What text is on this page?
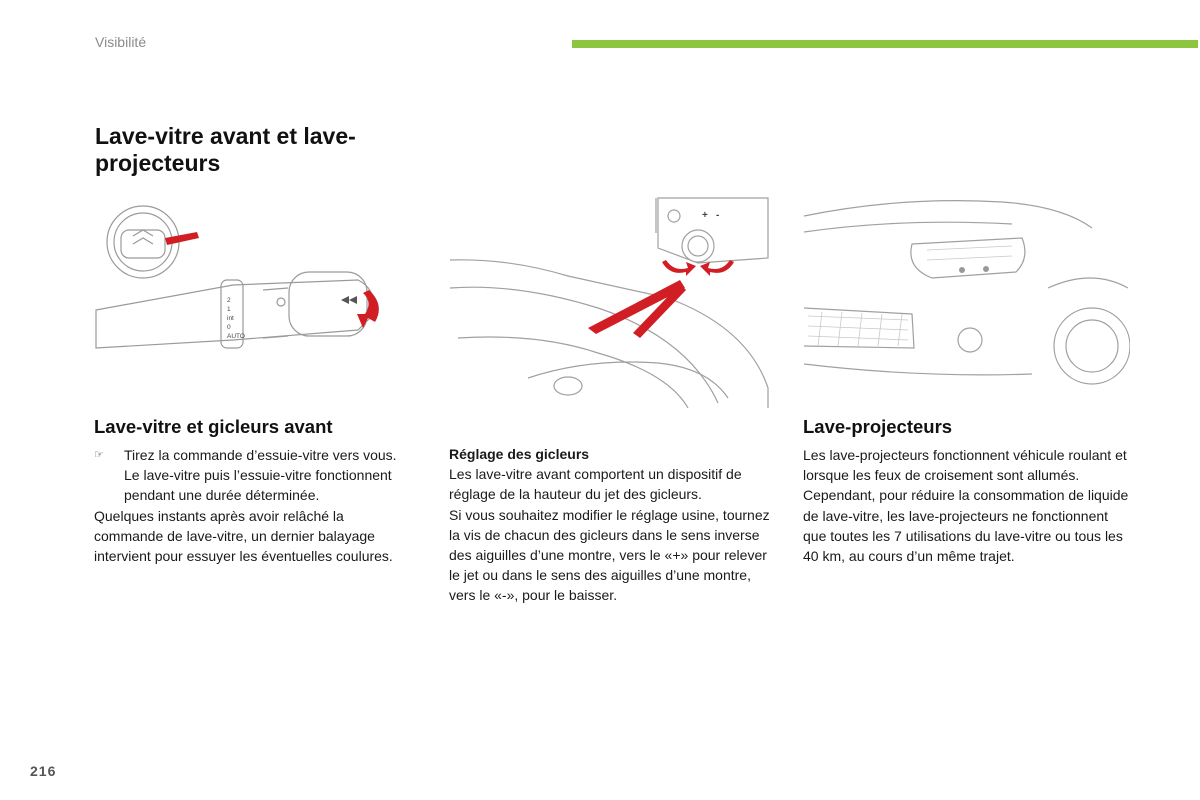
Visibilité
Lave-vitre avant et lave-projecteurs
2
1
int
0
AUTO
+ -
Lave-vitre et gicleurs avant
☞	Tirez la commande d’essuie-vitre vers vous. Le lave-vitre puis l’essuie-vitre fonctionnent pendant une durée déterminée.

Quelques instants après avoir relâché la commande de lave-vitre, un dernier balayage intervient pour essuyer les éventuelles coulures.

Réglage des gicleurs

Les lave-vitre avant comportent un dispositif de réglage de la hauteur du jet des gicleurs.

Si vous souhaitez modifier le réglage usine, tournez la vis de chacun des gicleurs dans le sens inverse des aiguilles d’une montre, vers le «+» pour relever le jet ou dans le sens des aiguilles d’une montre, vers le «-», pour le baisser.

Lave-projecteurs

Les lave-projecteurs fonctionnent véhicule roulant et lorsque les feux de croisement sont allumés. Cependant, pour réduire la consommation de liquide de lave-vitre, les lave-projecteurs ne fonctionnent que toutes les 7 utilisations du lave-vitre ou tous les 40 km, au cours d’un même trajet.

216
